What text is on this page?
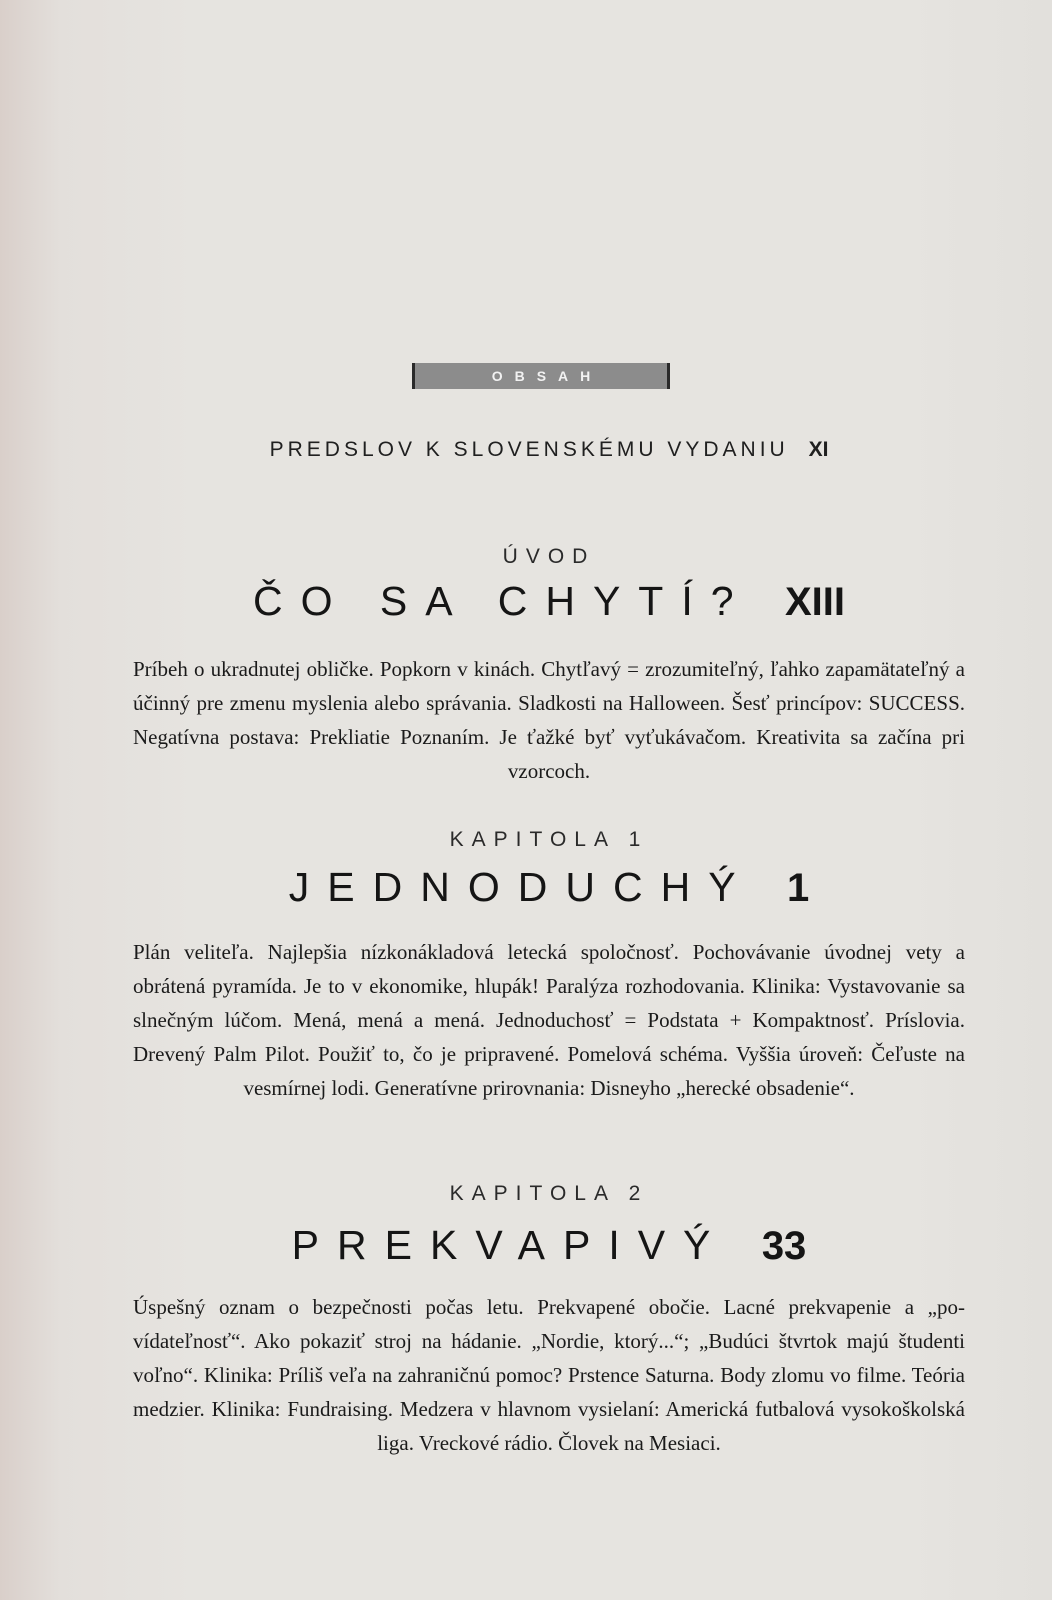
OBSAH
PREDSLOV K SLOVENSKÉMU VYDANIU XI
ÚVOD
ČO SA CHYTÍ? XIII
Príbeh o ukradnutej obličke. Popkorn v kinách. Chytľavý = zrozumiteľný, ľahko zapamätateľný a účinný pre zmenu myslenia alebo správania. Sladkosti na Halloween. Šesť princípov: SUCCESS. Negatívna postava: Prekliatie Poznaním. Je ťažké byť vyťukávačom. Kreativita sa začína pri vzorcoch.
KAPITOLA 1
JEDNODUCHÝ 1
Plán veliteľa. Najlepšia nízkonákladová letecká spoločnosť. Pochovávanie úvodnej vety a obrátená pyramída. Je to v ekonomike, hlupák! Paralýza rozhodovania. Klinika: Vystavovanie sa slnečným lúčom. Mená, mená a mená. Jednoduchosť = Podstata + Kompaktnosť. Príslovia. Drevený Palm Pilot. Použiť to, čo je pripravené. Pomelová schéma. Vyššia úroveň: Čeľuste na vesmírnej lodi. Generatívne prirovnania: Disneyho „herecké obsadenie“.
KAPITOLA 2
PREKVAPIVÝ 33
Úspešný oznam o bezpečnosti počas letu. Prekvapené obočie. Lacné prekvapenie a „po-vídateľnosť“. Ako pokaziť stroj na hádanie. „Nordie, ktorý...“; „Budúci štvrtok majú študenti voľno“. Klinika: Príliš veľa na zahraničnú pomoc? Prstence Saturna. Body zlomu vo filme. Teória medzier. Klinika: Fundraising. Medzera v hlavnom vysielaní: Americká futbalová vysokoškolská liga. Vreckové rádio. Človek na Mesiaci.
